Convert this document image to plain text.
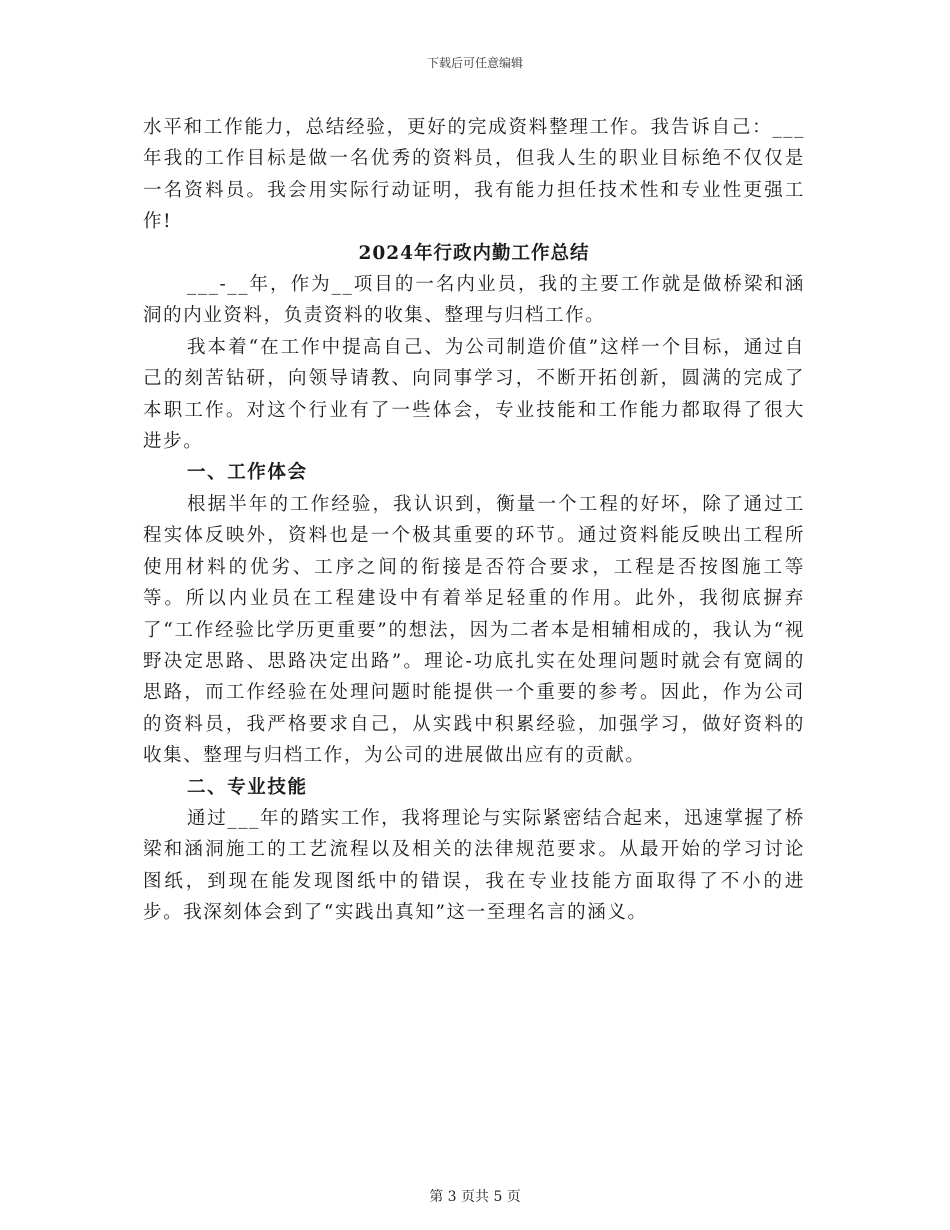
下载后可任意编辑

水平和工作能力，总结经验，更好的完成资料整理工作。我告诉自己：___年我的工作目标是做一名优秀的资料员，但我人生的职业目标绝不仅仅是一名资料员。我会用实际行动证明，我有能力担任技术性和专业性更强工作!

2024年行政内勤工作总结

___-__年，作为__项目的一名内业员，我的主要工作就是做桥梁和涵洞的内业资料，负责资料的收集、整理与归档工作。

我本着“在工作中提高自己、为公司制造价值”这样一个目标，通过自己的刻苦钻研，向领导请教、向同事学习，不断开拓创新，圆满的完成了本职工作。对这个行业有了一些体会，专业技能和工作能力都取得了很大进步。

一、工作体会

根据半年的工作经验，我认识到，衡量一个工程的好坏，除了通过工程实体反映外，资料也是一个极其重要的环节。通过资料能反映出工程所使用材料的优劣、工序之间的衔接是否符合要求，工程是否按图施工等等。所以内业员在工程建设中有着举足轻重的作用。此外，我彻底摒弃了“工作经验比学历更重要”的想法，因为二者本是相辅相成的，我认为“视野决定思路、思路决定出路”。理论-功底扎实在处理问题时就会有宽阔的思路，而工作经验在处理问题时能提供一个重要的参考。因此，作为公司的资料员，我严格要求自己，从实践中积累经验，加强学习，做好资料的收集、整理与归档工作，为公司的进展做出应有的贡献。

二、专业技能

通过___年的踏实工作，我将理论与实际紧密结合起来，迅速掌握了桥梁和涵洞施工的工艺流程以及相关的法律规范要求。从最开始的学习讨论图纸，到现在能发现图纸中的错误，我在专业技能方面取得了不小的进步。我深刻体会到了“实践出真知”这一至理名言的涵义。

第 3 页共 5 页
